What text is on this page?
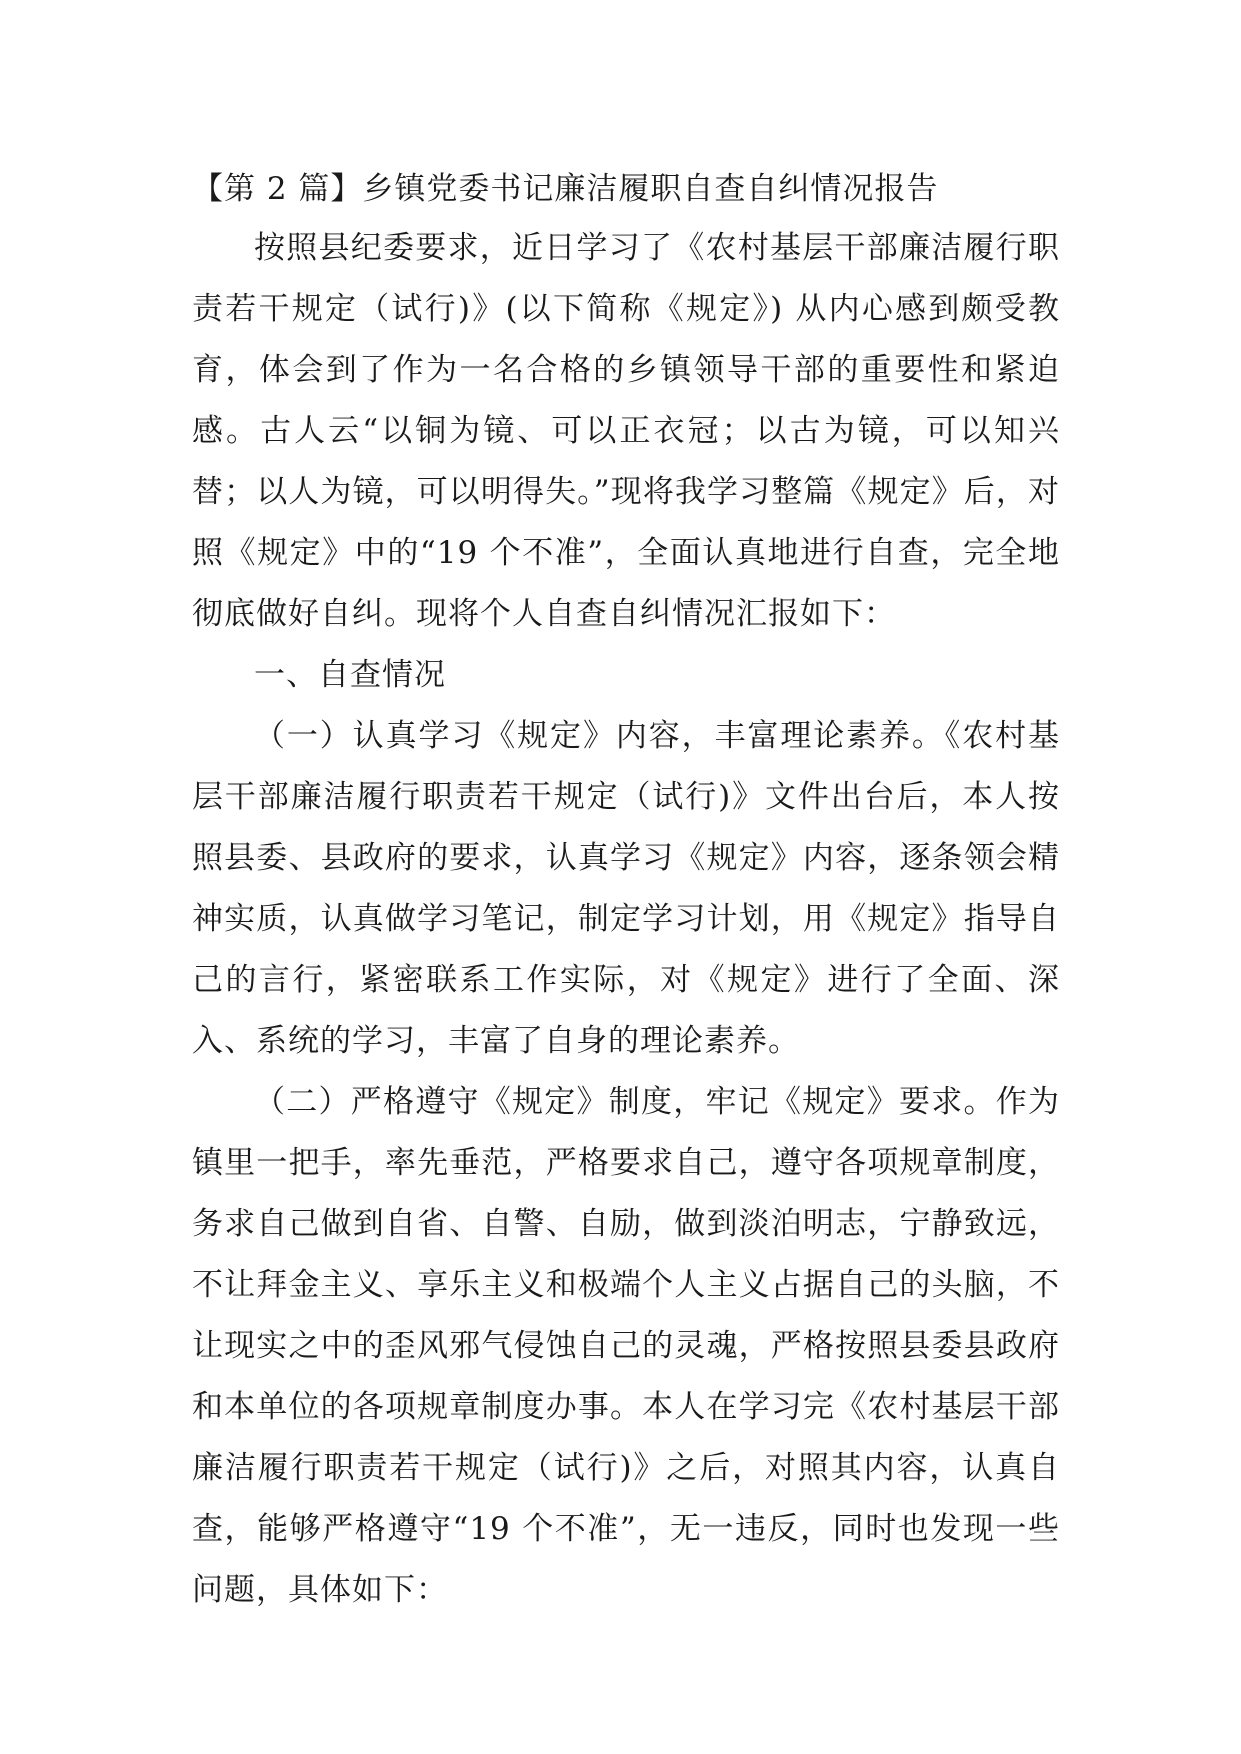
【第 2 篇】乡镇党委书记廉洁履职自查自纠情况报告

按照县纪委要求，近日学习了《农村基层干部廉洁履行职责若干规定（试行)》(以下简称《规定》) 从内心感到颇受教育，体会到了作为一名合格的乡镇领导干部的重要性和紧迫感。古人云“以铜为镜、可以正衣冠；以古为镜，可以知兴替；以人为镜，可以明得失。”现将我学习整篇《规定》后，对照《规定》中的“19 个不准”，全面认真地进行自查，完全地彻底做好自纠。现将个人自查自纠情况汇报如下：

一、自查情况

（一）认真学习《规定》内容，丰富理论素养。《农村基层干部廉洁履行职责若干规定（试行)》文件出台后，本人按照县委、县政府的要求，认真学习《规定》内容，逐条领会精神实质，认真做学习笔记，制定学习计划，用《规定》指导自己的言行，紧密联系工作实际，对《规定》进行了全面、深入、系统的学习，丰富了自身的理论素养。

（二）严格遵守《规定》制度，牢记《规定》要求。作为镇里一把手，率先垂范，严格要求自己，遵守各项规章制度，务求自己做到自省、自警、自励，做到淡泊明志，宁静致远，不让拜金主义、享乐主义和极端个人主义占据自己的头脑，不让现实之中的歪风邪气侵蚀自己的灵魂，严格按照县委县政府和本单位的各项规章制度办事。本人在学习完《农村基层干部廉洁履行职责若干规定（试行)》之后，对照其内容，认真自查，能够严格遵守“19 个不准”，无一违反，同时也发现一些问题，具体如下：
